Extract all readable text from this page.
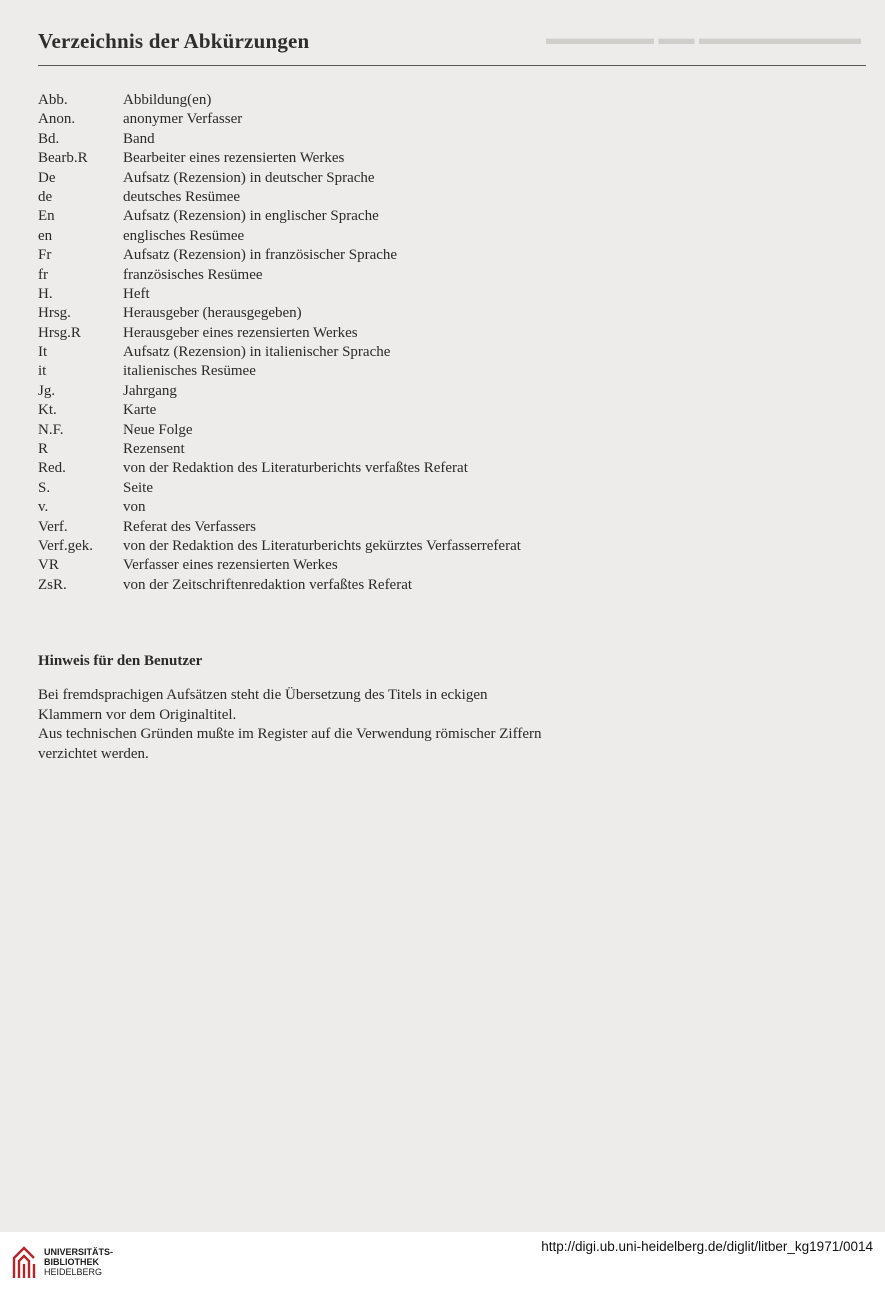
▬▬▬▬▬▬ ▬▬ ▬▬▬▬▬▬▬▬▬
Verzeichnis der Abkürzungen
Abb.	Abbildung(en)
Anon.	anonymer Verfasser
Bd.	Band
Bearb.R	Bearbeiter eines rezensierten Werkes
De	Aufsatz (Rezension) in deutscher Sprache
de	deutsches Resümee
En	Aufsatz (Rezension) in englischer Sprache
en	englisches Resümee
Fr	Aufsatz (Rezension) in französischer Sprache
fr	französisches Resümee
H.	Heft
Hrsg.	Herausgeber (herausgegeben)
Hrsg.R	Herausgeber eines rezensierten Werkes
It	Aufsatz (Rezension) in italienischer Sprache
it	italienisches Resümee
Jg.	Jahrgang
Kt.	Karte
N.F.	Neue Folge
R	Rezensent
Red.	von der Redaktion des Literaturberichts verfaßtes Referat
S.	Seite
v.	von
Verf.	Referat des Verfassers
Verf.gek.	von der Redaktion des Literaturberichts gekürztes Verfasserreferat
VR	Verfasser eines rezensierten Werkes
ZsR.	von der Zeitschriftenredaktion verfaßtes Referat
Hinweis für den Benutzer

Bei fremdsprachigen Aufsätzen steht die Übersetzung des Titels in eckigen

Klammern vor dem Originaltitel.

Aus technischen Gründen mußte im Register auf die Verwendung römischer Ziffern

verzichtet werden.

UNIVERSITÄTS-
BIBLIOTHEK
HEIDELBERG
http://digi.ub.uni-heidelberg.de/diglit/litber_kg1971/0014
